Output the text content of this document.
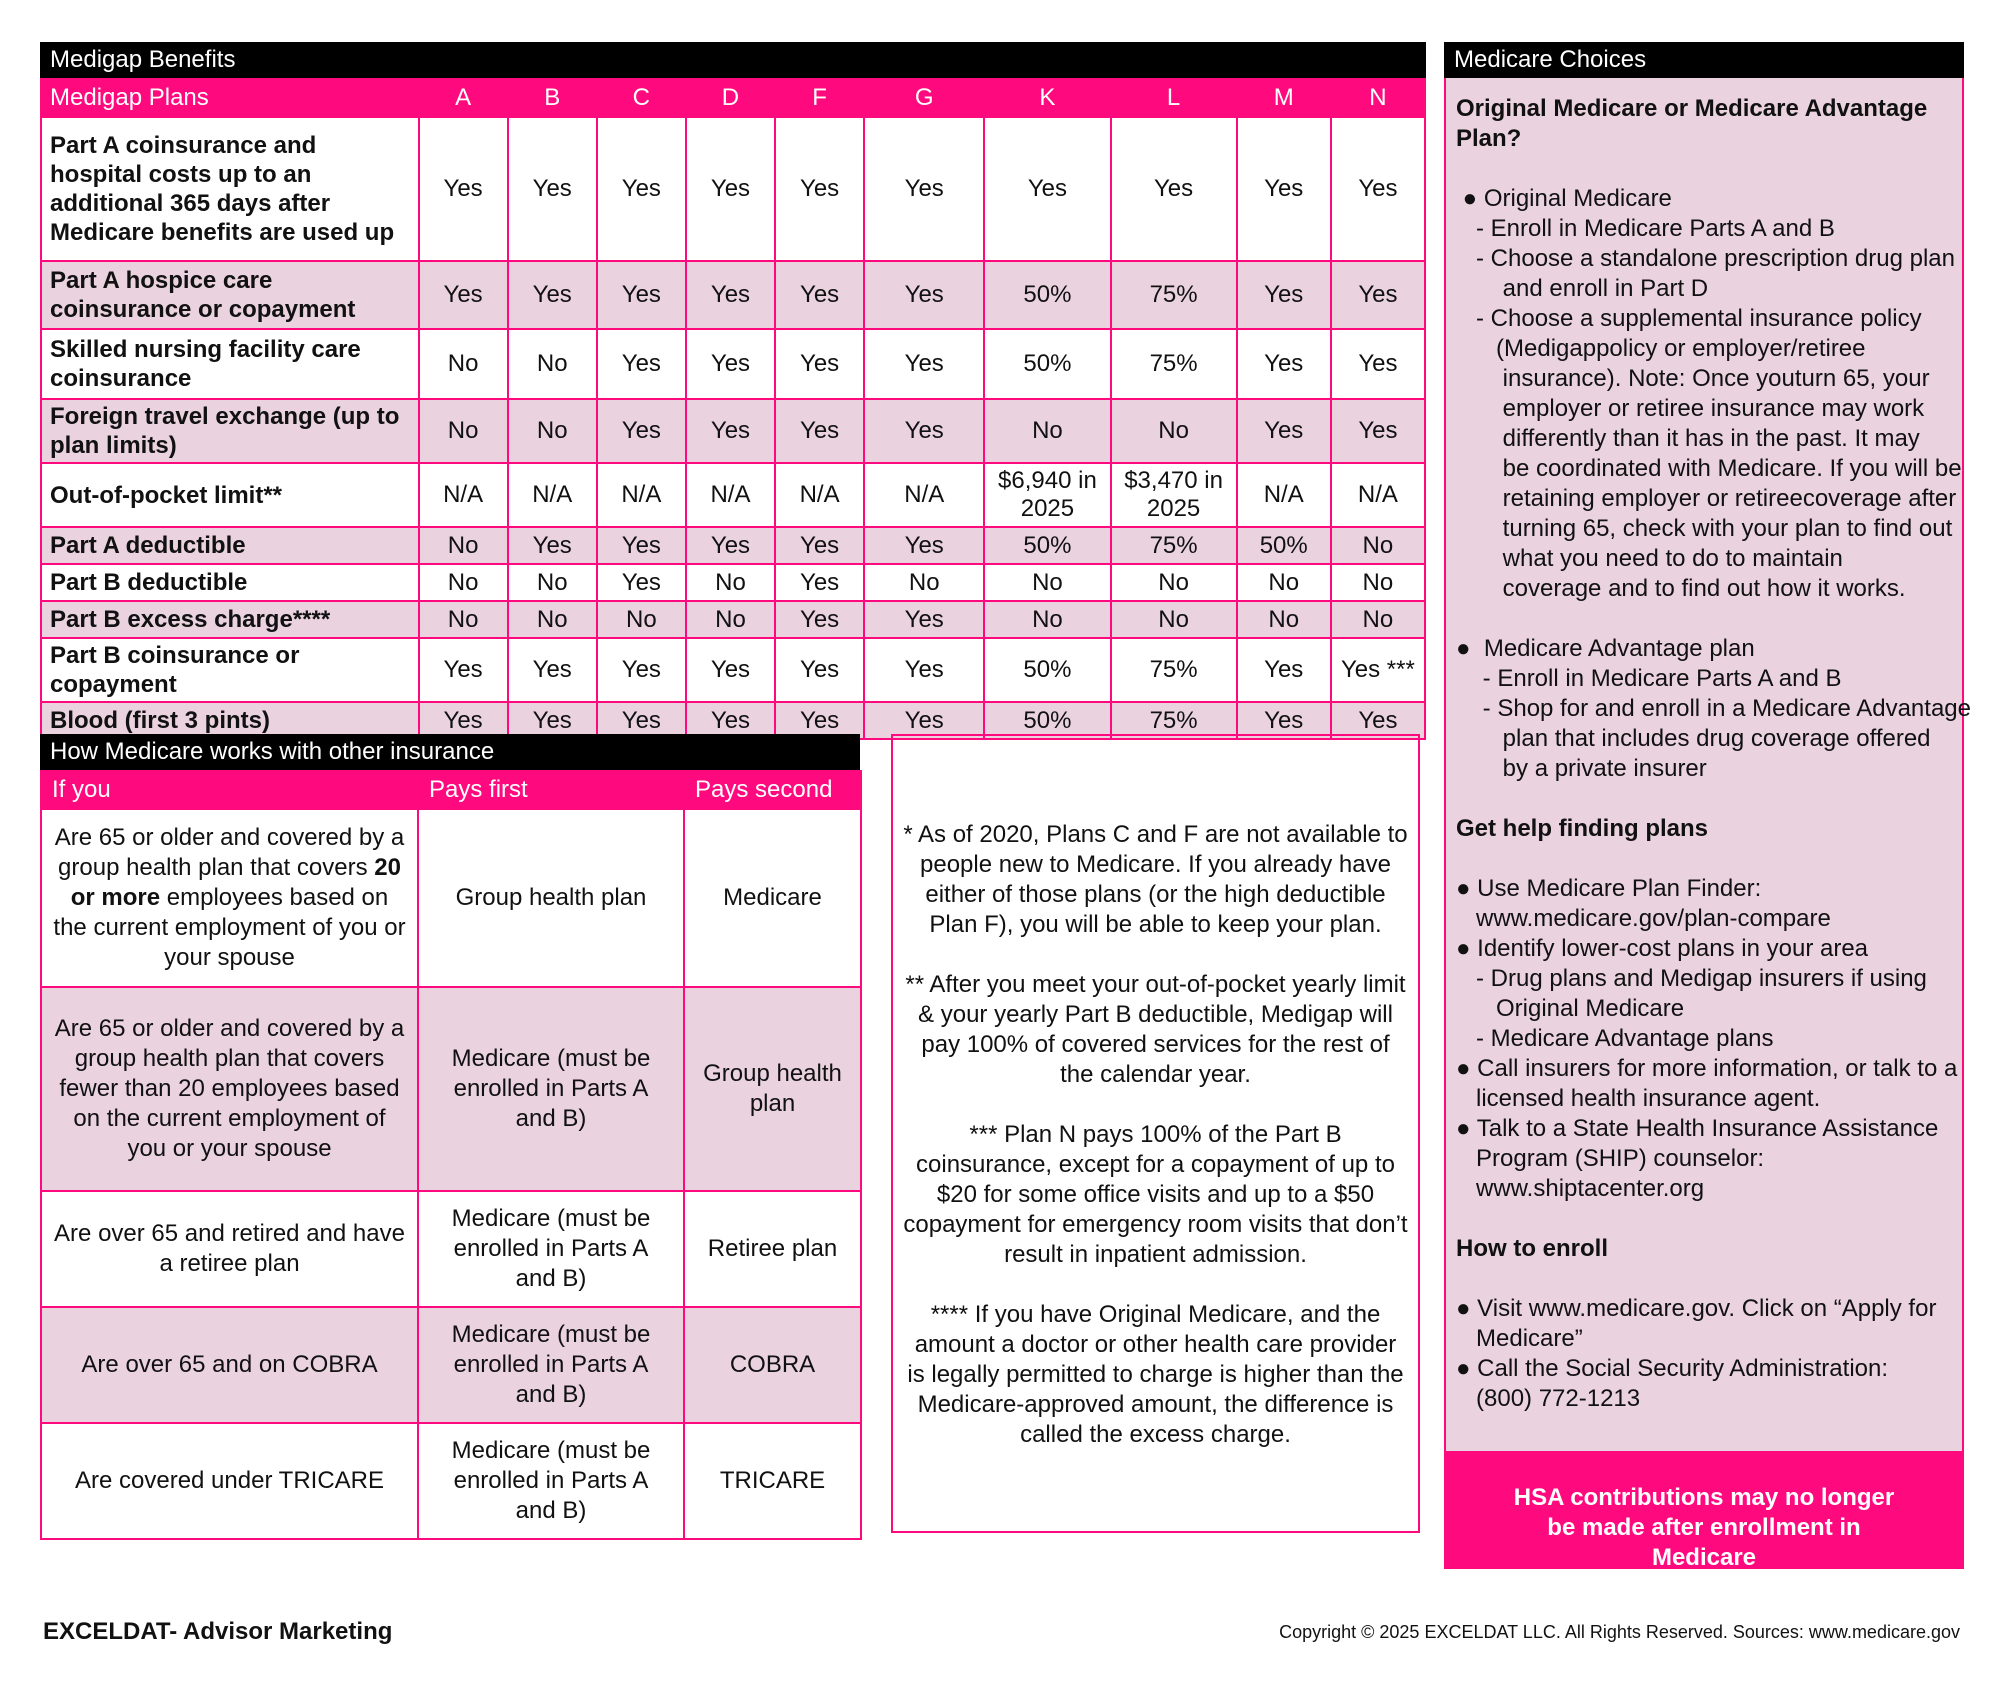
Medigap Benefits
Medigap Plans	A	B	C	D	F	G	K	L	M	N
Part A coinsurance and hospital costs up to an additional 365 days after Medicare benefits are used up	Yes	Yes	Yes	Yes	Yes	Yes	Yes	Yes	Yes	Yes
Part A hospice care coinsurance or copayment	Yes	Yes	Yes	Yes	Yes	Yes	50%	75%	Yes	Yes
Skilled nursing facility care coinsurance	No	No	Yes	Yes	Yes	Yes	50%	75%	Yes	Yes
Foreign travel exchange (up to plan limits)	No	No	Yes	Yes	Yes	Yes	No	No	Yes	Yes
Out-of-pocket limit**	N/A	N/A	N/A	N/A	N/A	N/A	$6,940 in 2025	$3,470 in 2025	N/A	N/A
Part A deductible	No	Yes	Yes	Yes	Yes	Yes	50%	75%	50%	No
Part B deductible	No	No	Yes	No	Yes	No	No	No	No	No
Part B excess charge****	No	No	No	No	Yes	Yes	No	No	No	No
Part B coinsurance or copayment	Yes	Yes	Yes	Yes	Yes	Yes	50%	75%	Yes	Yes ***
Blood (first 3 pints)	Yes	Yes	Yes	Yes	Yes	Yes	50%	75%	Yes	Yes
How Medicare works with other insurance
If you	Pays first	Pays second
Are 65 or older and covered by a group health plan that covers 20 or more employees based on the current employment of you or your spouse	Group health plan	Medicare
Are 65 or older and covered by a group health plan that covers fewer than 20 employees based on the current employment of you or your spouse	Medicare (must be enrolled in Parts A and B)	Group health plan
Are over 65 and retired and have a retiree plan	Medicare (must be enrolled in Parts A and B)	Retiree plan
Are over 65 and on COBRA	Medicare (must be enrolled in Parts A and B)	COBRA
Are covered under TRICARE	Medicare (must be enrolled in Parts A and B)	TRICARE

* As of 2020, Plans C and F are not available to people new to Medicare. If you already have either of those plans (or the high deductible Plan F), you will be able to keep your plan.

** After you meet your out-of-pocket yearly limit & your yearly Part B deductible, Medigap will pay 100% of covered services for the rest of the calendar year.

*** Plan N pays 100% of the Part B coinsurance, except for a copayment of up to $20 for some office visits and up to a $50 copayment for emergency room visits that don’t result in inpatient admission.

**** If you have Original Medicare, and the amount a doctor or other health care provider is legally permitted to charge is higher than the Medicare-approved amount, the difference is called the excess charge.

Medicare Choices

Original Medicare or Medicare Advantage Plan?

● Original Medicare

- Enroll in Medicare Parts A and B

- Choose a standalone prescription drug plan

and enroll in Part D

- Choose a supplemental insurance policy

(Medigappolicy or employer/retiree

insurance). Note: Once youturn 65, your

employer or retiree insurance may work

differently than it has in the past. It may

be coordinated with Medicare. If you will be

retaining employer or retireecoverage after

turning 65, check with your plan to find out

what you need to do to maintain

coverage and to find out how it works.

●  Medicare Advantage plan

- Enroll in Medicare Parts A and B

- Shop for and enroll in a Medicare Advantage

plan that includes drug coverage offered

by a private insurer

Get help finding plans

● Use Medicare Plan Finder:

www.medicare.gov/plan-compare

● Identify lower-cost plans in your area

- Drug plans and Medigap insurers if using

Original Medicare

- Medicare Advantage plans

● Call insurers for more information, or talk to a

licensed health insurance agent.

● Talk to a State Health Insurance Assistance

Program (SHIP) counselor:

www.shiptacenter.org

How to enroll

● Visit www.medicare.gov. Click on “Apply for

Medicare”

● Call the Social Security Administration:

(800) 772-1213

HSA contributions may no longer be made after enrollment in Medicare
EXCELDAT- Advisor Marketing	Copyright © 2025 EXCELDAT LLC. All Rights Reserved. Sources: www.medicare.gov
